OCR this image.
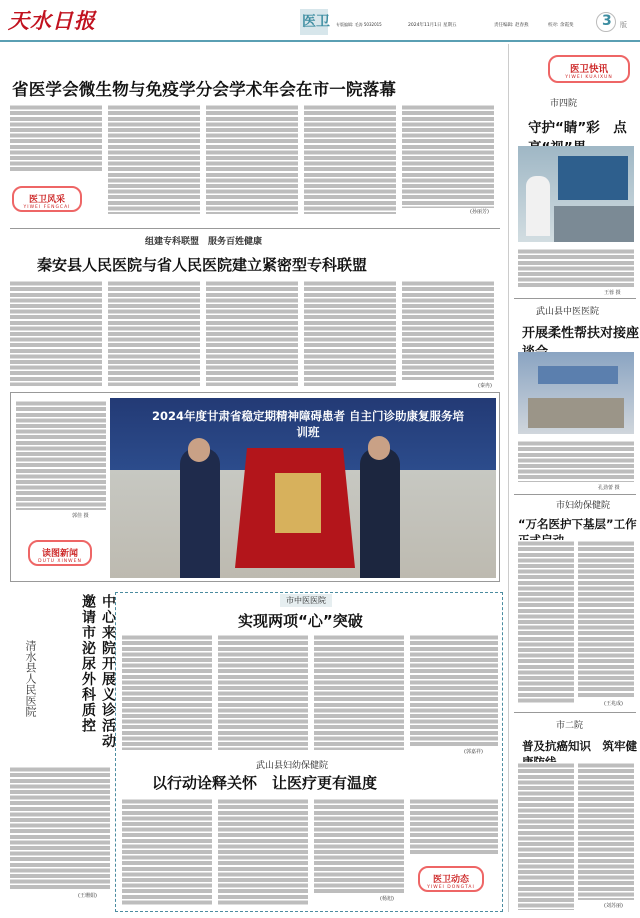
天水日报	医卫 专版编辑: 毛涛 5032015	2024年11月1日 星期五	责任编辑: 赵春燕	校对: 余霞斐 3 版
省医学会微生物与免疫学分会学术年会在市一院落幕
(孙丽芳)
医卫风采
YIWEI FENGCAI
组建专科联盟　服务百姓健康
秦安县人民医院与省人民医院建立紧密型专科联盟
(秦冉)
郭佳 摄
读图新闻
DUTU XINWEN
2024年度甘肃省稳定期精神障碍患者 自主门诊助康复服务培训班
中心来院开展义诊活动　邀请市泌尿外科质控
清水县人民医院
(王珊娟)
市中医医院
实现两项“心”突破
(郭嘉祥)
武山县妇幼保健院
以行动诠释关怀　让医疗更有温度
(杨旭)
医卫动态
YIWEI DONGTAI
医卫快讯
YIWEI KUAIXUN
市四院
守护“睛”彩　点
王蓉 摄
武山县中医医院
开展柔性帮扶对接座
孔劲蕾 摄
市妇幼保健院
“万名医护下基层”工作
(王兆成)
市二院
普及抗癌知识　筑牢健
(刘苏丽)
